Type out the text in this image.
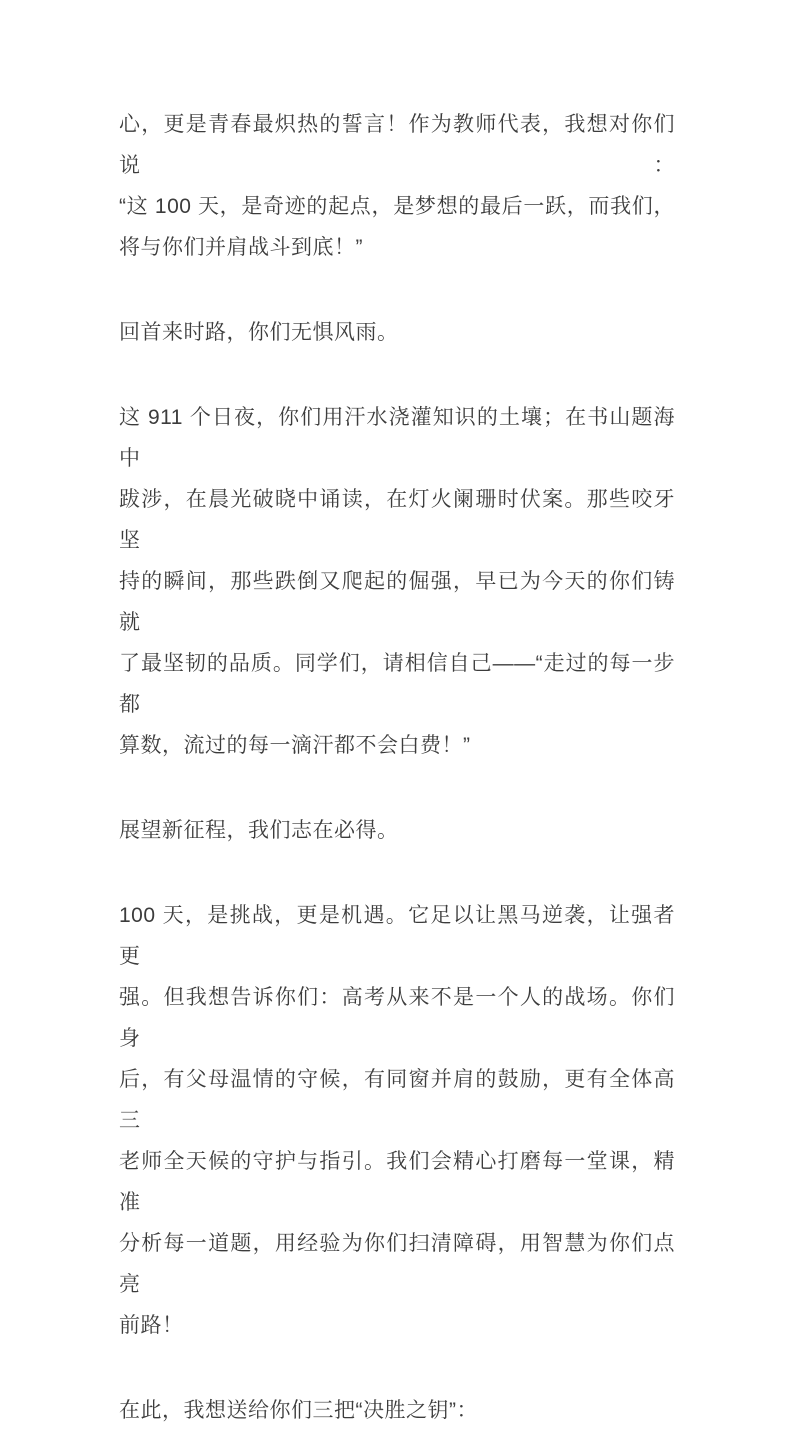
心，更是青春最炽热的誓言！作为教师代表，我想对你们说：
“这 100 天，是奇迹的起点，是梦想的最后一跃，而我们，
将与你们并肩战斗到底！”
回首来时路，你们无惧风雨。
这 911 个日夜，你们用汗水浇灌知识的土壤；在书山题海中
跋涉，在晨光破晓中诵读，在灯火阑珊时伏案。那些咬牙坚
持的瞬间，那些跌倒又爬起的倔强，早已为今天的你们铸就
了最坚韧的品质。同学们，请相信自己——“走过的每一步都
算数，流过的每一滴汗都不会白费！”
展望新征程，我们志在必得。
100 天，是挑战，更是机遇。它足以让黑马逆袭，让强者更
强。但我想告诉你们：高考从来不是一个人的战场。你们身
后，有父母温情的守候，有同窗并肩的鼓励，更有全体高三
老师全天候的守护与指引。我们会精心打磨每一堂课，精准
分析每一道题，用经验为你们扫清障碍，用智慧为你们点亮
前路！
在此，我想送给你们三把“决胜之钥”：
